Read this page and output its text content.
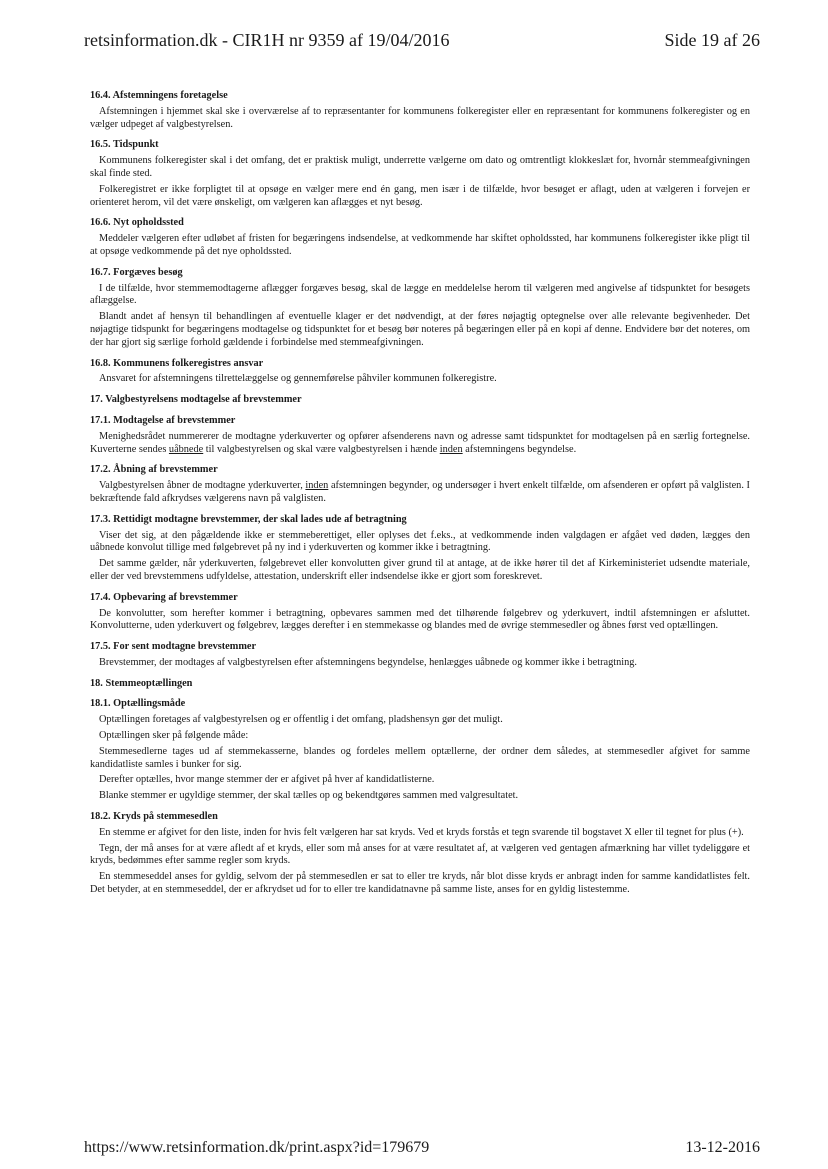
retsinformation.dk - CIR1H nr 9359 af 19/04/2016	Side 19 af 26
16.4. Afstemningens foretagelse
Afstemningen i hjemmet skal ske i overværelse af to repræsentanter for kommunens folkeregister eller en repræsentant for kommunens folkeregister og en vælger udpeget af valgbestyrelsen.
16.5. Tidspunkt
Kommunens folkeregister skal i det omfang, det er praktisk muligt, underrette vælgerne om dato og omtrentligt klokkeslæt for, hvornår stemmeafgivningen skal finde sted.
Folkeregistret er ikke forpligtet til at opsøge en vælger mere end én gang, men især i de tilfælde, hvor besøget er aflagt, uden at vælgeren i forvejen er orienteret herom, vil det være ønskeligt, om vælgeren kan aflægges et nyt besøg.
16.6. Nyt opholdssted
Meddeler vælgeren efter udløbet af fristen for begæringens indsendelse, at vedkommende har skiftet opholdssted, har kommunens folkeregister ikke pligt til at opsøge vedkommende på det nye opholdssted.
16.7. Forgæves besøg
I de tilfælde, hvor stemmemodtagerne aflægger forgæves besøg, skal de lægge en meddelelse herom til vælgeren med angivelse af tidspunktet for besøgets aflæggelse.
Blandt andet af hensyn til behandlingen af eventuelle klager er det nødvendigt, at der føres nøjagtig optegnelse over alle relevante begivenheder. Det nøjagtige tidspunkt for begæringens modtagelse og tidspunktet for et besøg bør noteres på begæringen eller på en kopi af denne. Endvidere bør det noteres, om der har gjort sig særlige forhold gældende i forbindelse med stemmeafgivningen.
16.8. Kommunens folkeregistres ansvar
Ansvaret for afstemningens tilrettelæggelse og gennemførelse påhviler kommunen folkeregistre.
17. Valgbestyrelsens modtagelse af brevstemmer
17.1. Modtagelse af brevstemmer
Menighedsrådet nummererer de modtagne yderkuverter og opfører afsenderens navn og adresse samt tidspunktet for modtagelsen på en særlig fortegnelse. Kuverterne sendes uåbnede til valgbestyrelsen og skal være valgbestyrelsen i hænde inden afstemningens begyndelse.
17.2. Åbning af brevstemmer
Valgbestyrelsen åbner de modtagne yderkuverter, inden afstemningen begynder, og undersøger i hvert enkelt tilfælde, om afsenderen er opført på valglisten. I bekræftende fald afkrydses vælgerens navn på valglisten.
17.3. Rettidigt modtagne brevstemmer, der skal lades ude af betragtning
Viser det sig, at den pågældende ikke er stemmeberettiget, eller oplyses det f.eks., at vedkommende inden valgdagen er afgået ved døden, lægges den uåbnede konvolut tillige med følgebrevet på ny ind i yderkuverten og kommer ikke i betragtning.
Det samme gælder, når yderkuverten, følgebrevet eller konvolutten giver grund til at antage, at de ikke hører til det af Kirkeministeriet udsendte materiale, eller der ved brevstemmens udfyldelse, attestation, underskrift eller indsendelse ikke er gjort som foreskrevet.
17.4. Opbevaring af brevstemmer
De konvolutter, som herefter kommer i betragtning, opbevares sammen med det tilhørende følgebrev og yderkuvert, indtil afstemningen er afsluttet. Konvolutterne, uden yderkuvert og følgebrev, lægges derefter i en stemmekasse og blandes med de øvrige stemmesedler og åbnes først ved optællingen.
17.5. For sent modtagne brevstemmer
Brevstemmer, der modtages af valgbestyrelsen efter afstemningens begyndelse, henlægges uåbnede og kommer ikke i betragtning.
18. Stemmeoptællingen
18.1. Optællingsmåde
Optællingen foretages af valgbestyrelsen og er offentlig i det omfang, pladshensyn gør det muligt.
Optællingen sker på følgende måde:
Stemmesedlerne tages ud af stemmekasserne, blandes og fordeles mellem optællerne, der ordner dem således, at stemmesedler afgivet for samme kandidatliste samles i bunker for sig.
Derefter optælles, hvor mange stemmer der er afgivet på hver af kandidatlisterne.
Blanke stemmer er ugyldige stemmer, der skal tælles op og bekendtgøres sammen med valgresultatet.
18.2. Kryds på stemmesedlen
En stemme er afgivet for den liste, inden for hvis felt vælgeren har sat kryds. Ved et kryds forstås et tegn svarende til bogstavet X eller til tegnet for plus (+).
Tegn, der må anses for at være afledt af et kryds, eller som må anses for at være resultatet af, at vælgeren ved gentagen afmærkning har villet tydeliggøre et kryds, bedømmes efter samme regler som kryds.
En stemmeseddel anses for gyldig, selvom der på stemmesedlen er sat to eller tre kryds, når blot disse kryds er anbragt inden for samme kandidatlistes felt. Det betyder, at en stemmeseddel, der er afkrydset ud for to eller tre kandidatnavne på samme liste, anses for en gyldig listestemme.
https://www.retsinformation.dk/print.aspx?id=179679	13-12-2016
